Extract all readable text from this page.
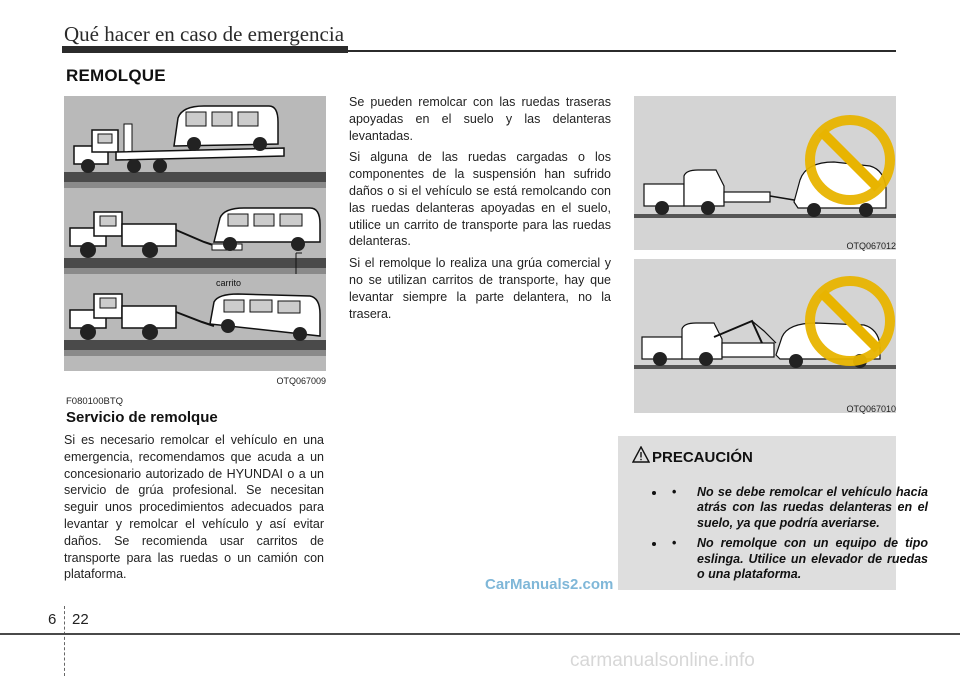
Qué hacer en caso de emergencia
REMOLQUE
carrito
OTQ067009
F080100BTQ
Servicio de remolque

Si es necesario remolcar el vehículo en una emergencia, recomendamos que acuda a un concesionario autorizado de HYUNDAI o a un servicio de grúa profesional. Se necesitan seguir unos procedimientos adecuados para levantar y remolcar el vehículo y así evitar daños. Se recomienda usar carritos de transporte para las ruedas o un camión con plataforma.

Se pueden remolcar con las ruedas traseras apoyadas en el suelo y las delanteras levantadas.

Si alguna de las ruedas cargadas o los componentes de la suspensión han sufrido daños o si el vehículo se está remolcando con las ruedas delanteras apoyadas en el suelo, utilice un carrito de transporte para las ruedas delanteras.

Si el remolque lo realiza una grúa comercial y no se utilizan carritos de transporte, hay que levantar siempre la parte delantera, no la trasera.

OTQ067012
OTQ067010
PRECAUCIÓN
• • No se debe remolcar el vehículo hacia atrás con las ruedas delanteras en el suelo, ya que podría averiarse.
• • No remolque con un equipo de tipo eslinga. Utilice un elevador de ruedas o una plataforma.
CarManuals2.com
6 22
carmanualsonline.info
